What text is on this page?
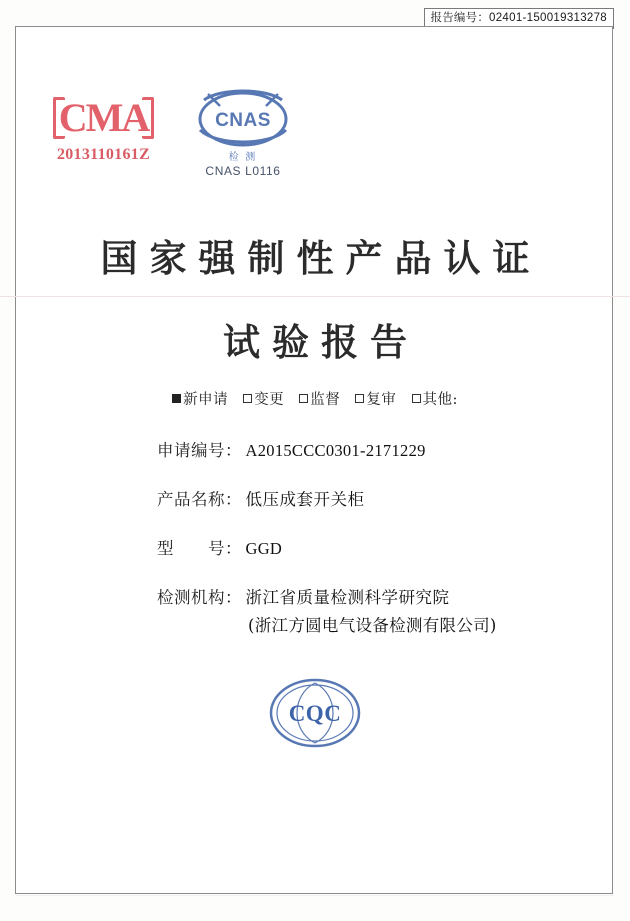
报告编号：02401-150019313278
CMA
2013110161Z
CNAS
检 测
CNAS L0116
国家强制性产品认证
试验报告
新申请 变更 监督 复审 其他:
申请编号 ： A2015CCC0301-2171229
产品名称 ： 低压成套开关柜
型　　号 ： GGD
检测机构 ： 浙江省质量检测科学研究院
(浙江方圆电气设备检测有限公司)
CQC
